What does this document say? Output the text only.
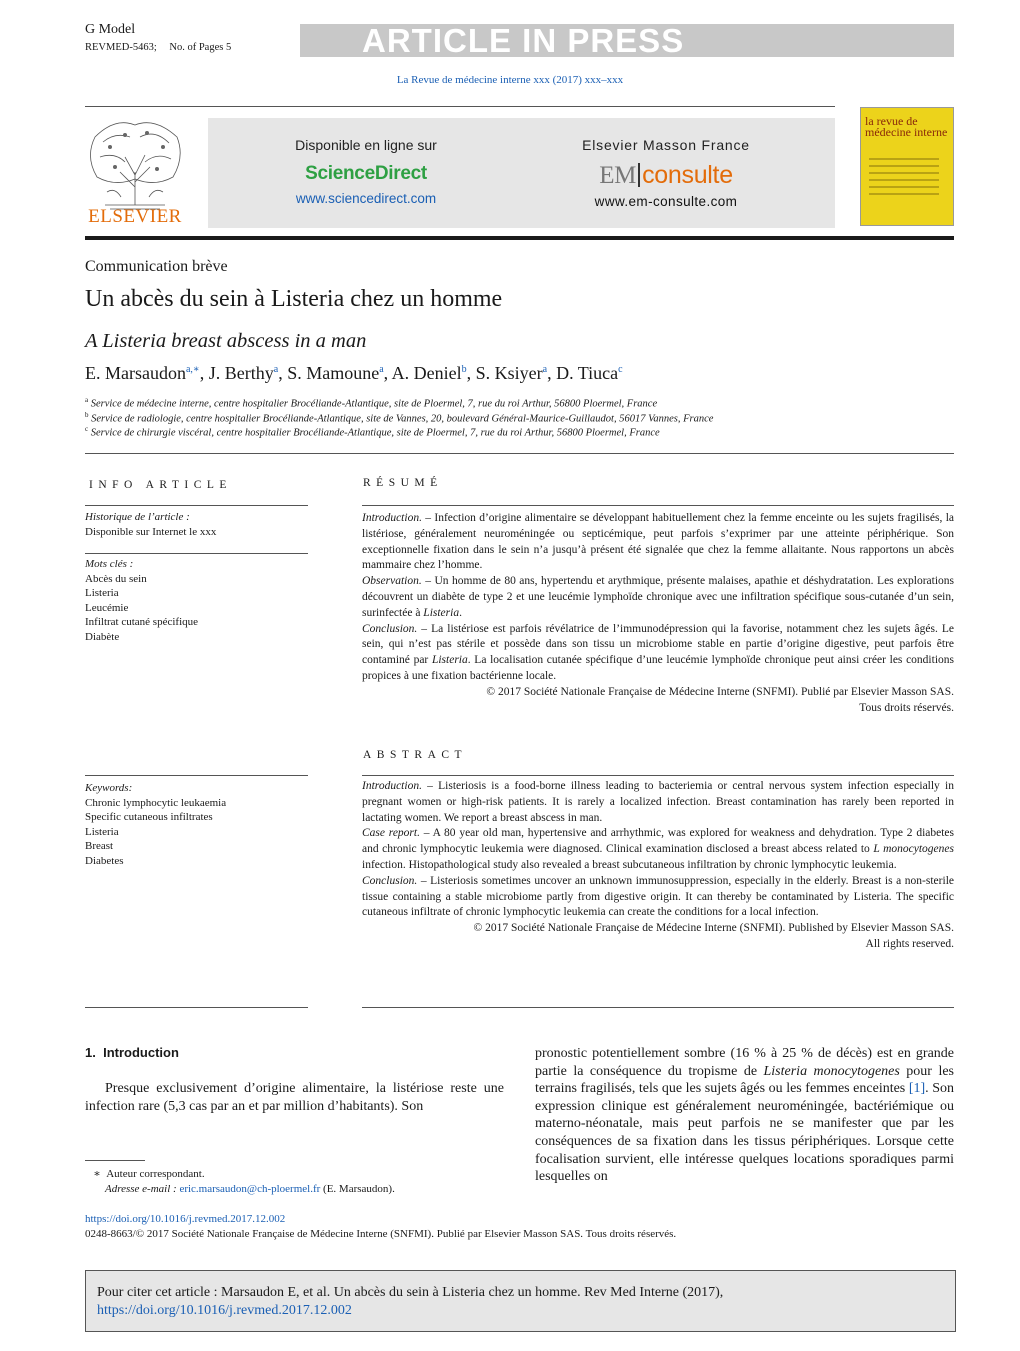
G Model
REVMED-5463; No. of Pages 5	ARTICLE IN PRESS
La Revue de médecine interne xxx (2017) xxx–xxx
ELSEVIER
Disponible en ligne sur
ScienceDirect
www.sciencedirect.com
Elsevier Masson France
EM consulte
www.em-consulte.com
la revue de médecine interne
Communication brève
Un abcès du sein à Listeria chez un homme
A Listeria breast abscess in a man
E. Marsaudon$^{a,∗}$, J. Berthy$^a$, S. Mamoune$^a$, A. Deniel$^b$, S. Ksiyer$^a$, D. Tiuca$^c$
$^a$ Service de médecine interne, centre hospitalier Brocéliande-Atlantique, site de Ploermel, 7, rue du roi Arthur, 56800 Ploermel, France
$^b$ Service de radiologie, centre hospitalier Brocéliande-Atlantique, site de Vannes, 20, boulevard Général-Maurice-Guillaudot, 56017 Vannes, France
$^c$ Service de chirurgie viscéral, centre hospitalier Brocéliande-Atlantique, site de Ploermel, 7, rue du roi Arthur, 56800 Ploermel, France
INFO ARTICLE
Historique de l’article :
Disponible sur Internet le xxx
Mots clés :
Abcès du sein
Listeria
Leucémie
Infiltrat cutané spécifique
Diabète
Keywords:
Chronic lymphocytic leukaemia
Specific cutaneous infiltrates
Listeria
Breast
Diabetes
RÉSUMÉ
Introduction. – Infection d’origine alimentaire se développant habituellement chez la femme enceinte ou les sujets fragilisés, la listériose, généralement neuroméningée ou septicémique, peut parfois s’exprimer par une atteinte périphérique. Son exceptionnelle fixation dans le sein n’a jusqu’à présent été signalée que chez la femme allaitante. Nous rapportons un abcès mammaire chez l’homme.
Observation. – Un homme de 80 ans, hypertendu et arythmique, présente malaises, apathie et déshydratation. Les explorations découvrent un diabète de type 2 et une leucémie lymphoïde chronique avec une infiltration spécifique sous-cutanée d’un sein, surinfectée à Listeria.
Conclusion. – La listériose est parfois révélatrice de l’immunodépression qui la favorise, notamment chez les sujets âgés. Le sein, qui n’est pas stérile et possède dans son tissu un microbiome stable en partie d’origine digestive, peut parfois être contaminé par Listeria. La localisation cutanée spécifique d’une leucémie lymphoïde chronique peut ainsi créer les conditions propices à une fixation bactérienne locale.
© 2017 Société Nationale Française de Médecine Interne (SNFMI). Publié par Elsevier Masson SAS.
Tous droits réservés.
ABSTRACT
Introduction. – Listeriosis is a food-borne illness leading to bacteriemia or central nervous system infection especially in pregnant women or high-risk patients. It is rarely a localized infection. Breast contamination has rarely been reported in lactating women. We report a breast abscess in man.
Case report. – A 80 year old man, hypertensive and arrhythmic, was explored for weakness and dehydration. Type 2 diabetes and chronic lymphocytic leukemia were diagnosed. Clinical examination disclosed a breast abcess related to L monocytogenes infection. Histopathological study also revealed a breast subcutaneous infiltration by chronic lymphocytic leukemia.
Conclusion. – Listeriosis sometimes uncover an unknown immunosuppression, especially in the elderly. Breast is a non-sterile tissue containing a stable microbiome partly from digestive origin. It can thereby be contaminated by Listeria. The specific cutaneous infiltrate of chronic lymphocytic leukemia can create the conditions for a local infection.
© 2017 Société Nationale Française de Médecine Interne (SNFMI). Published by Elsevier Masson SAS.
All rights reserved.
1. Introduction
Presque exclusivement d’origine alimentaire, la listériose reste une infection rare (5,3 cas par an et par million d’habitants). Son
pronostic potentiellement sombre (16 % à 25 % de décès) est en grande partie la conséquence du tropisme de Listeria monocytogenes pour les terrains fragilisés, tels que les sujets âgés ou les femmes enceintes [1]. Son expression clinique est généralement neuroméningée, bactériémique ou materno-néonatale, mais peut parfois ne se manifester que par les conséquences de sa fixation dans les tissus périphériques. Lorsque cette focalisation survient, elle intéresse quelques locations sporadiques parmi lesquelles on
∗ Auteur correspondant.
Adresse e-mail : eric.marsaudon@ch-ploermel.fr (E. Marsaudon).
https://doi.org/10.1016/j.revmed.2017.12.002
0248-8663/© 2017 Société Nationale Française de Médecine Interne (SNFMI). Publié par Elsevier Masson SAS. Tous droits réservés.
Pour citer cet article : Marsaudon E, et al. Un abcès du sein à Listeria chez un homme. Rev Med Interne (2017),
https://doi.org/10.1016/j.revmed.2017.12.002
